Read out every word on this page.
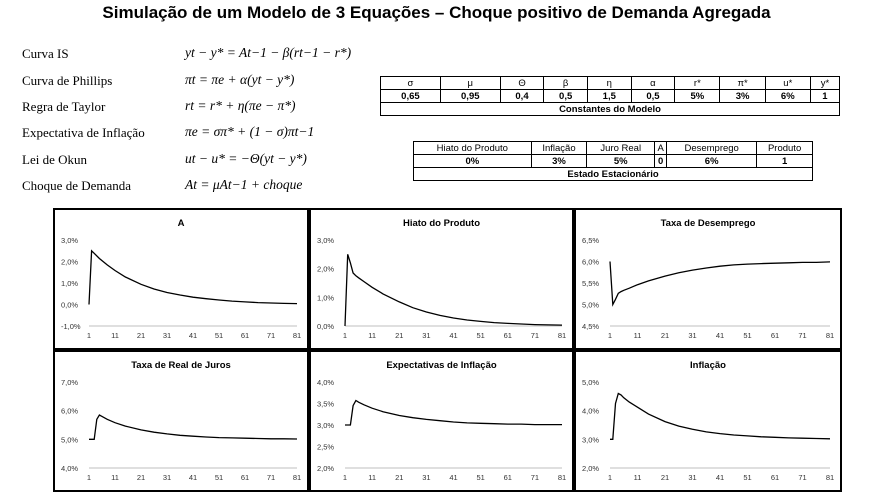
Simulação de um Modelo de 3 Equações – Choque positivo de Demanda Agregada
Curva IS
Curva de Phillips
Regra de Taylor
Expectativa de Inflação
Lei de Okun
Choque de Demanda
yt − y* = At−1 − β(rt−1 − r*)
πt = πe + α(yt − y*)
rt = r* + η(πe − π*)
πe = σπ* + (1 − σ)πt−1
ut − u* = −Θ(yt − y*)
At = μAt−1 + choque
σ	μ	Θ	β	η	α	r*	π*	u*	y*
0,65	0,95	0,4	0,5	1,5	0,5	5%	3%	6%	1
Constantes do Modelo									
Hiato do Produto	Inflação	Juro Real	A	Desemprego	Produto
0%	3%	5%	0	6%	1
Estado Estacionário					
A
3,0%
2,0%
1,0%
0,0%
-1,0%
1	11 21 31 41 51 61 71 81
Hiato do Produto
3,0%
2,0%
1,0%
0,0%
1	11	21	31	41	51	61	71	81
Taxa de Desemprego
6,5%
6,0%
5,5%
5,0%
4,5%
1	11	21	31	41	51	61	71	81
Taxa de Real de Juros
7,0%
6,0%
5,0%
4,0%
1	11 21 31 41 51 61 71 81
Expectativas de Inflação
4,0%
3,5%
3,0%
2,5%
2,0%
1	11	21	31	41	51	61	71	81
Inflação
5,0%
4,0%
3,0%
2,0%
1	11	21	31	41	51	61	71	81
